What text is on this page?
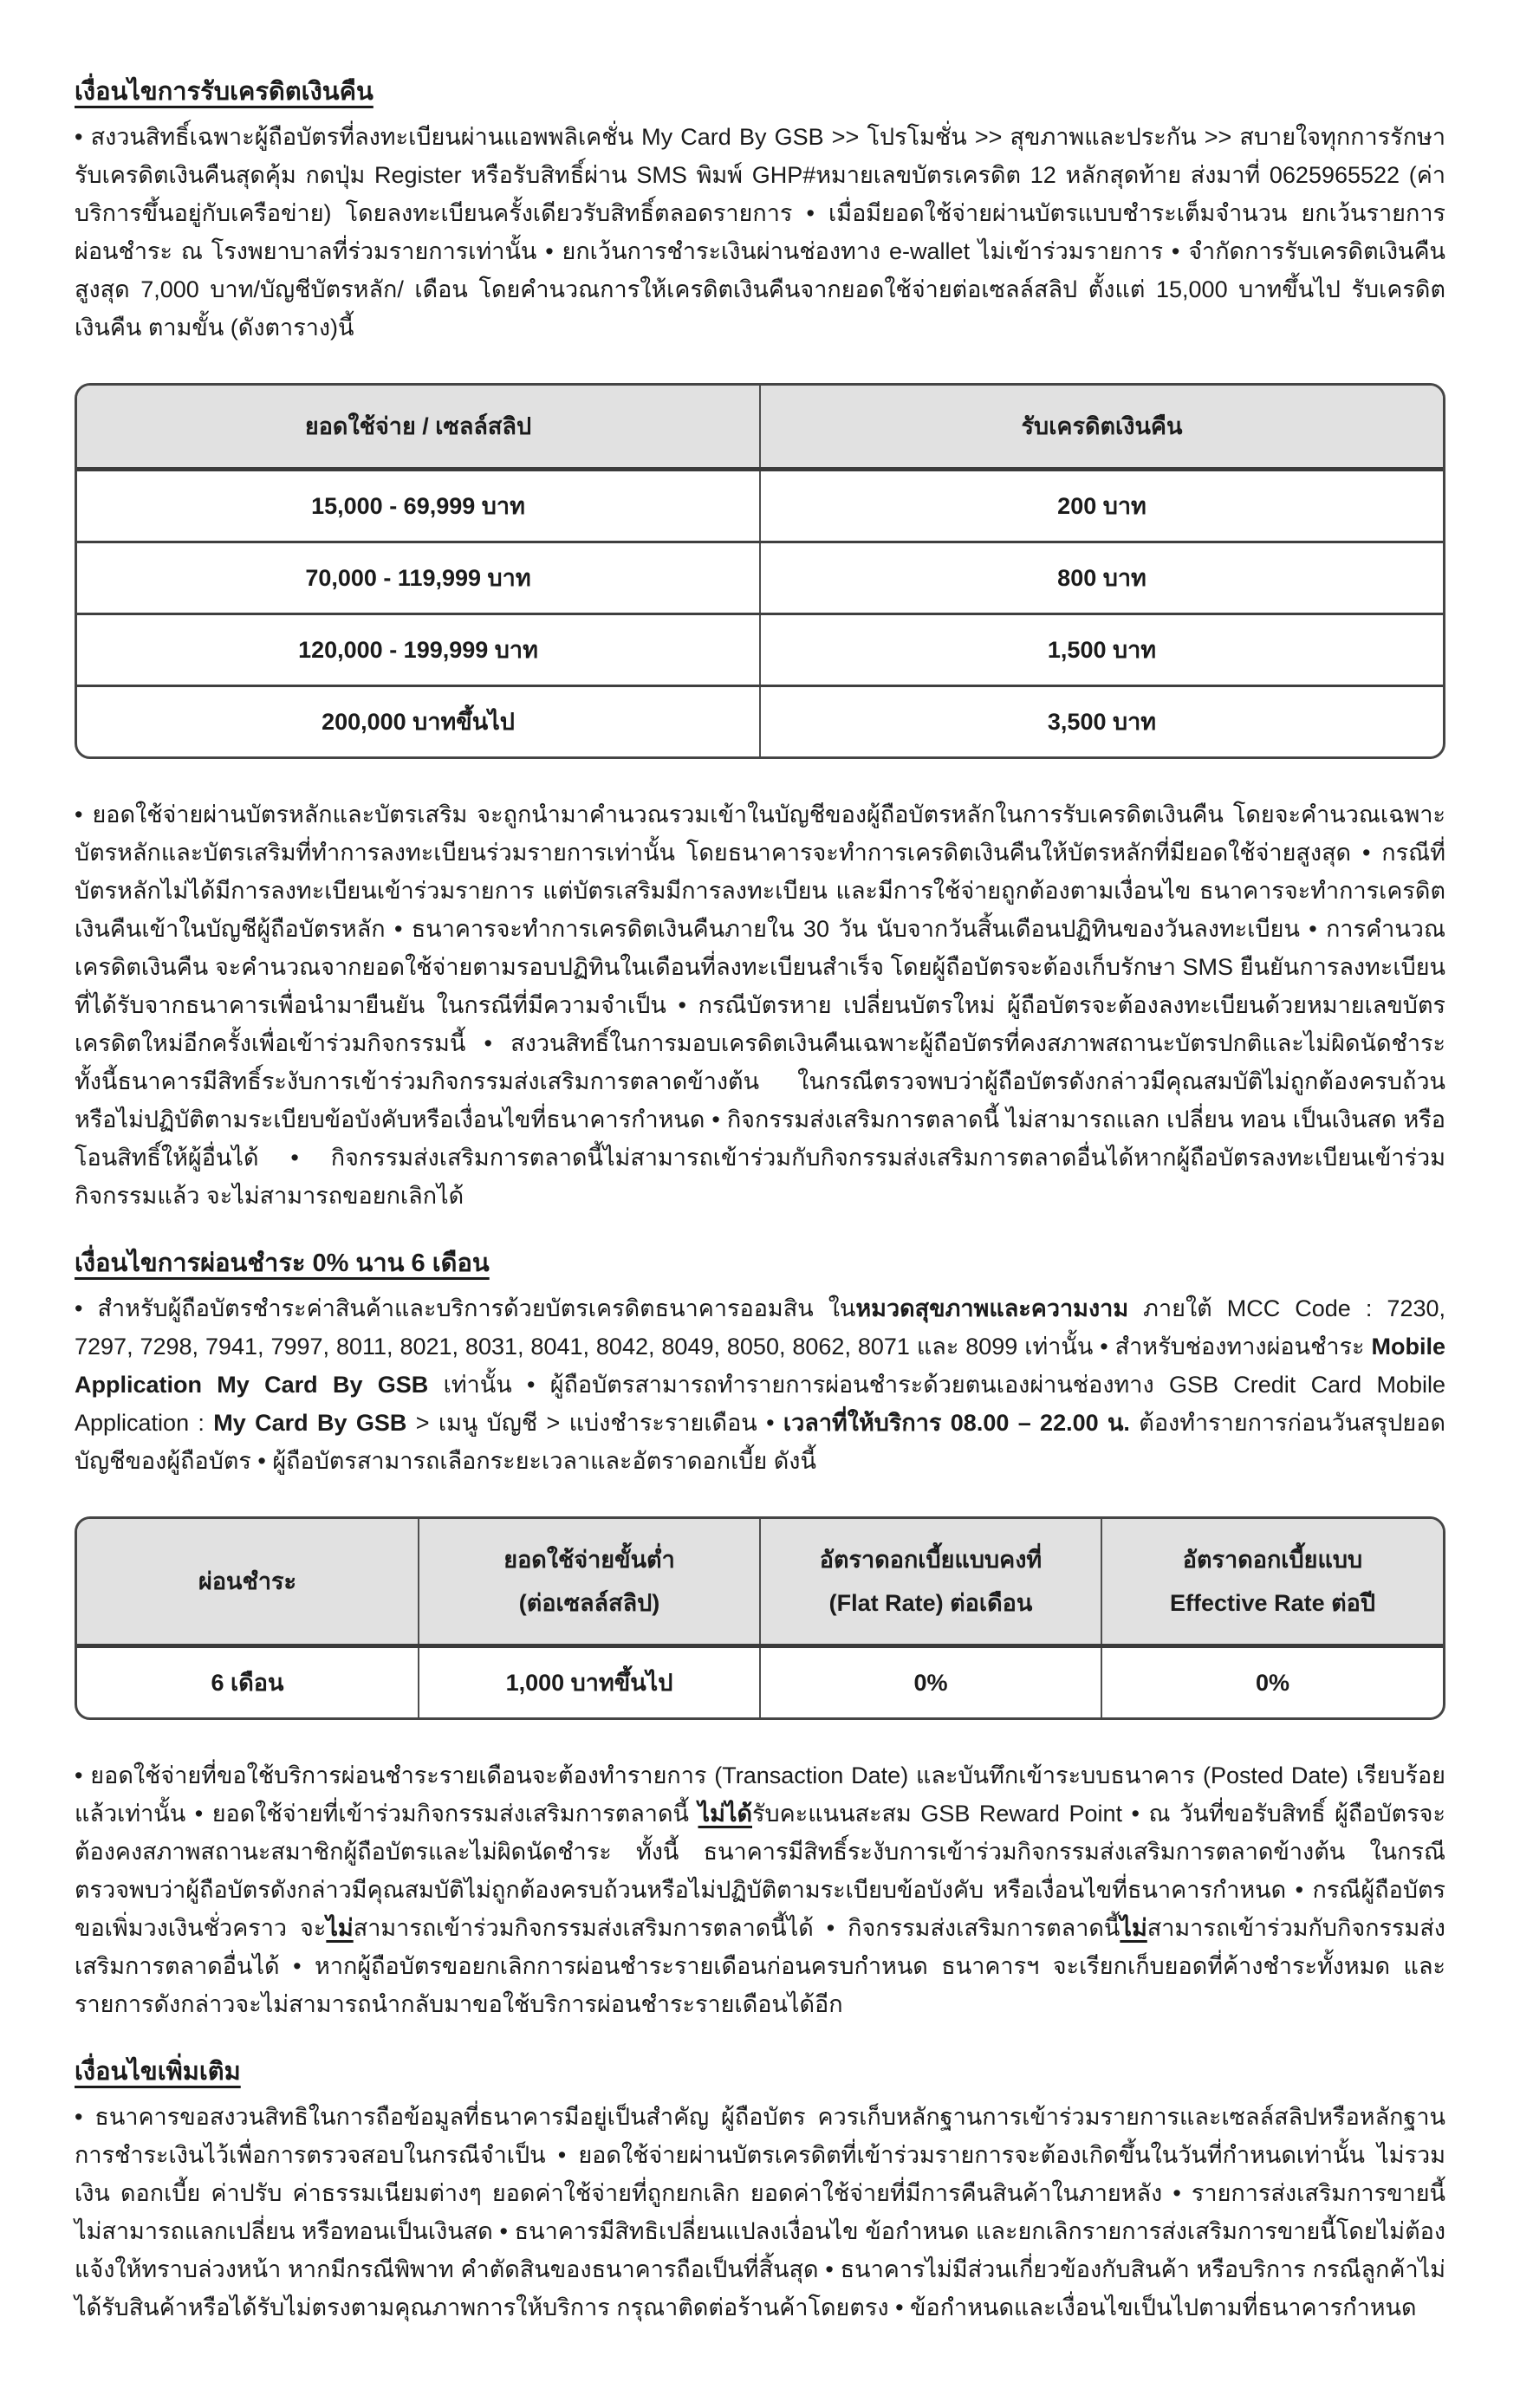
เงื่อนไขการรับเครดิตเงินคืน
• สงวนสิทธิ์เฉพาะผู้ถือบัตรที่ลงทะเบียนผ่านแอพพลิเคชั่น My Card By GSB >> โปรโมชั่น >> สุขภาพและประกัน >> สบายใจทุกการรักษารับเครดิตเงินคืนสุดคุ้ม กดปุ่ม Register หรือรับสิทธิ์ผ่าน SMS พิมพ์ GHP#หมายเลขบัตรเครดิต 12 หลักสุดท้าย ส่งมาที่ 0625965522 (ค่าบริการขึ้นอยู่กับเครือข่าย) โดยลงทะเบียนครั้งเดียวรับสิทธิ์ตลอดรายการ • เมื่อมียอดใช้จ่ายผ่านบัตรแบบชำระเต็มจำนวน ยกเว้นรายการผ่อนชำระ ณ โรงพยาบาลที่ร่วมรายการเท่านั้น • ยกเว้นการชำระเงินผ่านช่องทาง e-wallet ไม่เข้าร่วมรายการ • จำกัดการรับเครดิตเงินคืนสูงสุด 7,000 บาท/บัญชีบัตรหลัก/ เดือน โดยคำนวณการให้เครดิตเงินคืนจากยอดใช้จ่ายต่อเซลล์สลิป ตั้งแต่ 15,000 บาทขึ้นไป รับเครดิตเงินคืน ตามขั้น (ดังตาราง)นี้
ยอดใช้จ่าย / เซลล์สลิป	รับเครดิตเงินคืน

15,000 - 69,999 บาท	200 บาท
70,000 - 119,999 บาท	800 บาท
120,000 - 199,999 บาท	1,500 บาท
200,000 บาทขึ้นไป	3,500 บาท
• ยอดใช้จ่ายผ่านบัตรหลักและบัตรเสริม จะถูกนำมาคำนวณรวมเข้าในบัญชีของผู้ถือบัตรหลักในการรับเครดิตเงินคืน โดยจะคำนวณเฉพาะบัตรหลักและบัตรเสริมที่ทำการลงทะเบียนร่วมรายการเท่านั้น โดยธนาคารจะทำการเครดิตเงินคืนให้บัตรหลักที่มียอดใช้จ่ายสูงสุด • กรณีที่บัตรหลักไม่ได้มีการลงทะเบียนเข้าร่วมรายการ แต่บัตรเสริมมีการลงทะเบียน และมีการใช้จ่ายถูกต้องตามเงื่อนไข ธนาคารจะทำการเครดิตเงินคืนเข้าในบัญชีผู้ถือบัตรหลัก • ธนาคารจะทำการเครดิตเงินคืนภายใน 30 วัน นับจากวันสิ้นเดือนปฏิทินของวันลงทะเบียน • การคำนวณเครดิตเงินคืน จะคำนวณจากยอดใช้จ่ายตามรอบปฏิทินในเดือนที่ลงทะเบียนสำเร็จ โดยผู้ถือบัตรจะต้องเก็บรักษา SMS ยืนยันการลงทะเบียน ที่ได้รับจากธนาคารเพื่อนำมายืนยัน ในกรณีที่มีความจำเป็น • กรณีบัตรหาย เปลี่ยนบัตรใหม่ ผู้ถือบัตรจะต้องลงทะเบียนด้วยหมายเลขบัตรเครดิตใหม่อีกครั้งเพื่อเข้าร่วมกิจกรรมนี้ • สงวนสิทธิ์ในการมอบเครดิตเงินคืนเฉพาะผู้ถือบัตรที่คงสภาพสถานะบัตรปกติและไม่ผิดนัดชำระ ทั้งนี้ธนาคารมีสิทธิ์ระงับการเข้าร่วมกิจกรรมส่งเสริมการตลาดข้างต้น ในกรณีตรวจพบว่าผู้ถือบัตรดังกล่าวมีคุณสมบัติไม่ถูกต้องครบถ้วน หรือไม่ปฏิบัติตามระเบียบข้อบังคับหรือเงื่อนไขที่ธนาคารกำหนด • กิจกรรมส่งเสริมการตลาดนี้ ไม่สามารถแลก เปลี่ยน ทอน เป็นเงินสด หรือโอนสิทธิ์ให้ผู้อื่นได้ • กิจกรรมส่งเสริมการตลาดนี้ไม่สามารถเข้าร่วมกับกิจกรรมส่งเสริมการตลาดอื่นได้หากผู้ถือบัตรลงทะเบียนเข้าร่วมกิจกรรมแล้ว จะไม่สามารถขอยกเลิกได้
เงื่อนไขการผ่อนชำระ 0% นาน 6 เดือน
• สำหรับผู้ถือบัตรชำระค่าสินค้าและบริการด้วยบัตรเครดิตธนาคารออมสิน ในหมวดสุขภาพและความงาม ภายใต้ MCC Code : 7230, 7297, 7298, 7941, 7997, 8011, 8021, 8031, 8041, 8042, 8049, 8050, 8062, 8071 และ 8099 เท่านั้น • สำหรับช่องทางผ่อนชำระ Mobile Application My Card By GSB เท่านั้น • ผู้ถือบัตรสามารถทำรายการผ่อนชำระด้วยตนเองผ่านช่องทาง GSB Credit Card Mobile Application : My Card By GSB > เมนู บัญชี > แบ่งชำระรายเดือน • เวลาที่ให้บริการ 08.00 – 22.00 น. ต้องทำรายการก่อนวันสรุปยอดบัญชีของผู้ถือบัตร • ผู้ถือบัตรสามารถเลือกระยะเวลาและอัตราดอกเบี้ย ดังนี้
ผ่อนชำระ

ยอดใช้จ่ายขั้นต่ำ
(ต่อเซลล์สลิป)

อัตราดอกเบี้ยแบบคงที่
(Flat Rate) ต่อเดือน

อัตราดอกเบี้ยแบบ
Effective Rate ต่อปี

6 เดือน	1,000 บาทขึ้นไป	0%	0%
• ยอดใช้จ่ายที่ขอใช้บริการผ่อนชำระรายเดือนจะต้องทำรายการ (Transaction Date) และบันทึกเข้าระบบธนาคาร (Posted Date) เรียบร้อยแล้วเท่านั้น • ยอดใช้จ่ายที่เข้าร่วมกิจกรรมส่งเสริมการตลาดนี้ ไม่ได้รับคะแนนสะสม GSB Reward Point • ณ วันที่ขอรับสิทธิ์ ผู้ถือบัตรจะต้องคงสภาพสถานะสมาชิกผู้ถือบัตรและไม่ผิดนัดชำระ ทั้งนี้ ธนาคารมีสิทธิ์ระงับการเข้าร่วมกิจกรรมส่งเสริมการตลาดข้างต้น ในกรณีตรวจพบว่าผู้ถือบัตรดังกล่าวมีคุณสมบัติไม่ถูกต้องครบถ้วนหรือไม่ปฏิบัติตามระเบียบข้อบังคับ หรือเงื่อนไขที่ธนาคารกำหนด • กรณีผู้ถือบัตรขอเพิ่มวงเงินชั่วคราว จะไม่สามารถเข้าร่วมกิจกรรมส่งเสริมการตลาดนี้ได้ • กิจกรรมส่งเสริมการตลาดนี้ไม่สามารถเข้าร่วมกับกิจกรรมส่งเสริมการตลาดอื่นได้ • หากผู้ถือบัตรขอยกเลิกการผ่อนชำระรายเดือนก่อนครบกำหนด ธนาคารฯ จะเรียกเก็บยอดที่ค้างชำระทั้งหมด และรายการดังกล่าวจะไม่สามารถนำกลับมาขอใช้บริการผ่อนชำระรายเดือนได้อีก
เงื่อนไขเพิ่มเติม
• ธนาคารขอสงวนสิทธิในการถือข้อมูลที่ธนาคารมีอยู่เป็นสำคัญ ผู้ถือบัตร ควรเก็บหลักฐานการเข้าร่วมรายการและเซลล์สลิปหรือหลักฐานการชำระเงินไว้เพื่อการตรวจสอบในกรณีจำเป็น • ยอดใช้จ่ายผ่านบัตรเครดิตที่เข้าร่วมรายการจะต้องเกิดขึ้นในวันที่กำหนดเท่านั้น ไม่รวมเงิน ดอกเบี้ย ค่าปรับ ค่าธรรมเนียมต่างๆ ยอดค่าใช้จ่ายที่ถูกยกเลิก ยอดค่าใช้จ่ายที่มีการคืนสินค้าในภายหลัง • รายการส่งเสริมการขายนี้ ไม่สามารถแลกเปลี่ยน หรือทอนเป็นเงินสด • ธนาคารมีสิทธิเปลี่ยนแปลงเงื่อนไข ข้อกำหนด และยกเลิกรายการส่งเสริมการขายนี้โดยไม่ต้องแจ้งให้ทราบล่วงหน้า หากมีกรณีพิพาท คำตัดสินของธนาคารถือเป็นที่สิ้นสุด • ธนาคารไม่มีส่วนเกี่ยวข้องกับสินค้า หรือบริการ กรณีลูกค้าไม่ได้รับสินค้าหรือได้รับไม่ตรงตามคุณภาพการให้บริการ กรุณาติดต่อร้านค้าโดยตรง • ข้อกำหนดและเงื่อนไขเป็นไปตามที่ธนาคารกำหนด
